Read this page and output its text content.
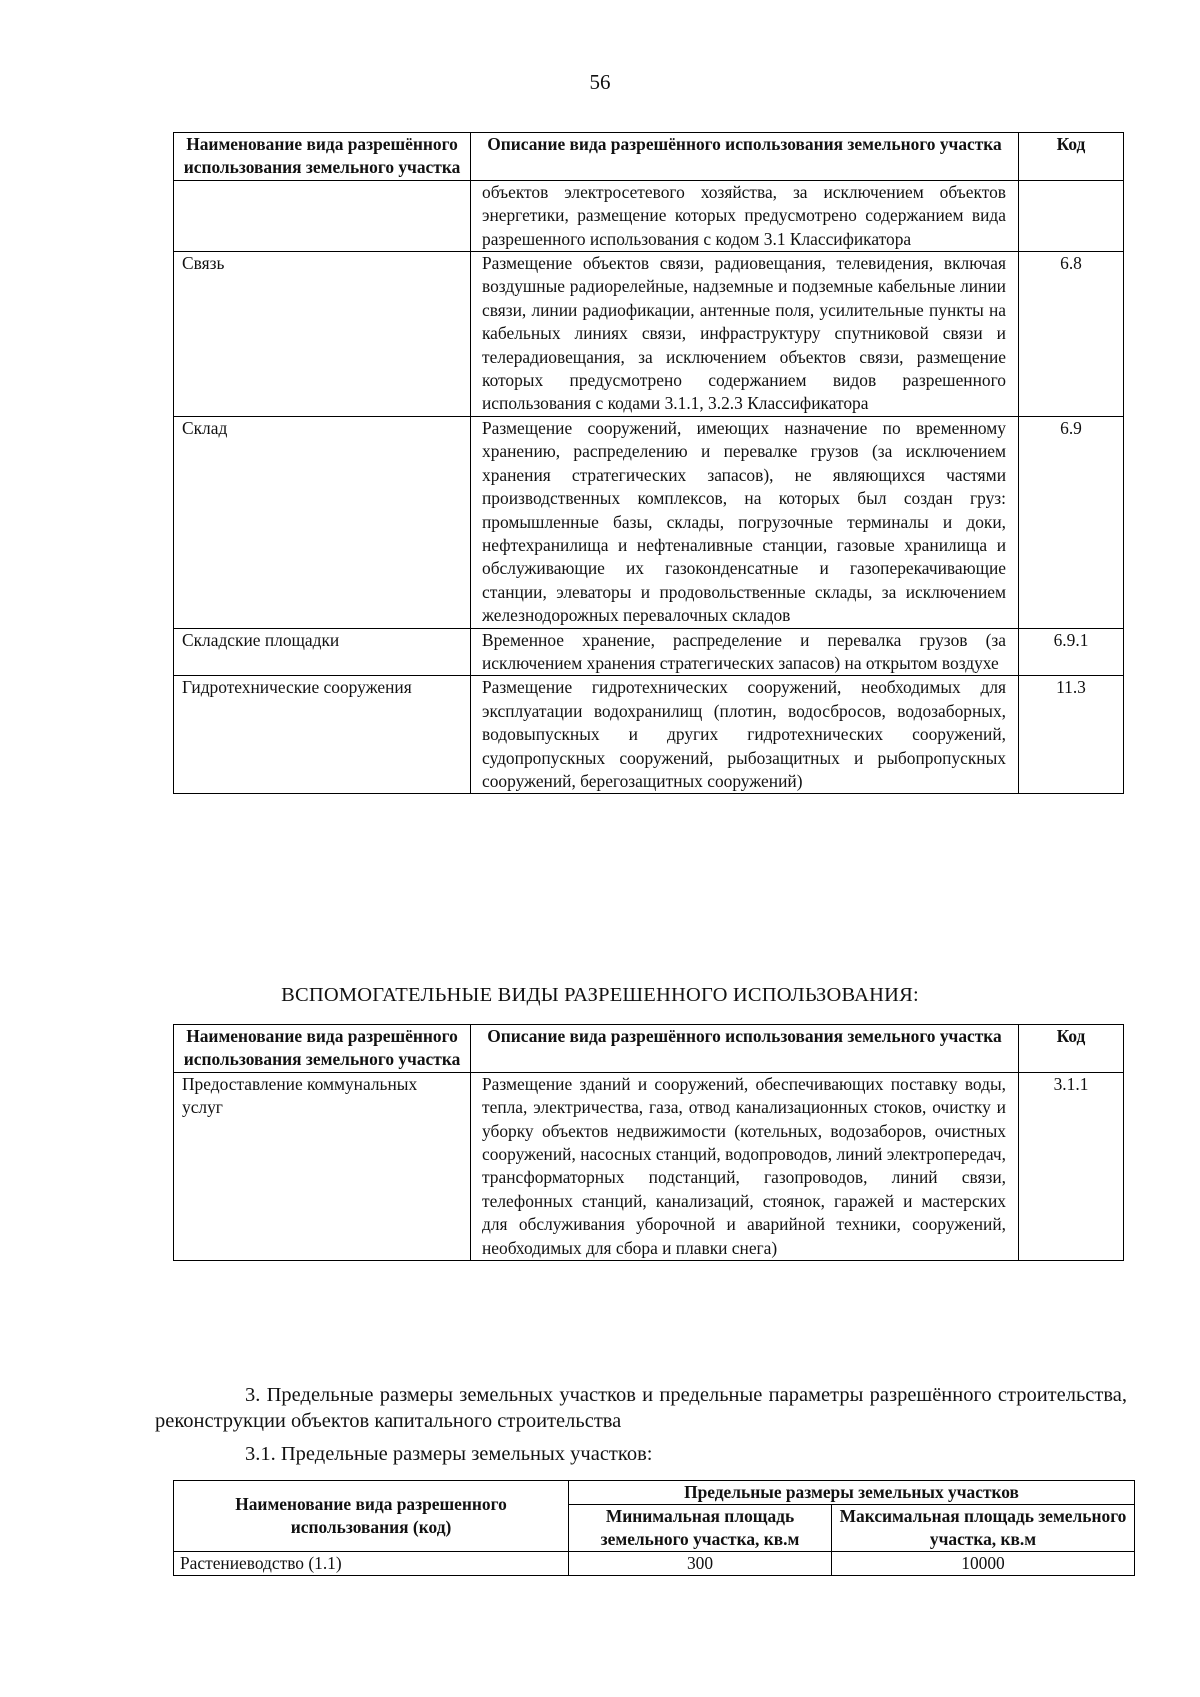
56
Наименование вида разрешённого использования земельного участка	Описание вида разрешённого использования земельного участка	Код
	объектов электросетевого хозяйства, за исключением объектов энергетики, размещение которых предусмотрено содержанием вида разрешенного использования с кодом 3.1 Классификатора	
Связь	Размещение объектов связи, радиовещания, телевидения, включая воздушные радиорелейные, надземные и подземные кабельные линии связи, линии радиофикации, антенные поля, усилительные пункты на кабельных линиях связи, инфраструктуру спутниковой связи и телерадиовещания, за исключением объектов связи, размещение которых предусмотрено содержанием видов разрешенного использования с кодами 3.1.1, 3.2.3 Классификатора	6.8
Склад	Размещение сооружений, имеющих назначение по временному хранению, распределению и перевалке грузов (за исключением хранения стратегических запасов), не являющихся частями производственных комплексов, на которых был создан груз: промышленные базы, склады, погрузочные терминалы и доки, нефтехранилища и нефтеналивные станции, газовые хранилища и обслуживающие их газоконденсатные и газоперекачивающие станции, элеваторы и продовольственные склады, за исключением железнодорожных перевалочных складов	6.9
Складские площадки	Временное хранение, распределение и перевалка грузов (за исключением хранения стратегических запасов) на открытом воздухе	6.9.1
Гидротехнические сооружения	Размещение гидротехнических сооружений, необходимых для эксплуатации водохранилищ (плотин, водосбросов, водозаборных, водовыпускных и других гидротехнических сооружений, судопропускных сооружений, рыбозащитных и рыбопропускных сооружений, берегозащитных сооружений)	11.3
ВСПОМОГАТЕЛЬНЫЕ ВИДЫ РАЗРЕШЕННОГО ИСПОЛЬЗОВАНИЯ:
Наименование вида разрешённого использования земельного участка	Описание вида разрешённого использования земельного участка	Код
Предоставление коммунальных услуг	Размещение зданий и сооружений, обеспечивающих поставку воды, тепла, электричества, газа, отвод канализационных стоков, очистку и уборку объектов недвижимости (котельных, водозаборов, очистных сооружений, насосных станций, водопроводов, линий электропередач, трансформаторных подстанций, газопроводов, линий связи, телефонных станций, канализаций, стоянок, гаражей и мастерских для обслуживания уборочной и аварийной техники, сооружений, необходимых для сбора и плавки снега)	3.1.1
3. Предельные размеры земельных участков и предельные параметры разрешённого строительства, реконструкции объектов капитального строительства
3.1. Предельные размеры земельных участков:
Наименование вида разрешенного использования (код)	Предельные размеры земельных участков	
	Минимальная площадь земельного участка, кв.м	Максимальная площадь земельного участка, кв.м
Растениеводство (1.1)	300	10000
